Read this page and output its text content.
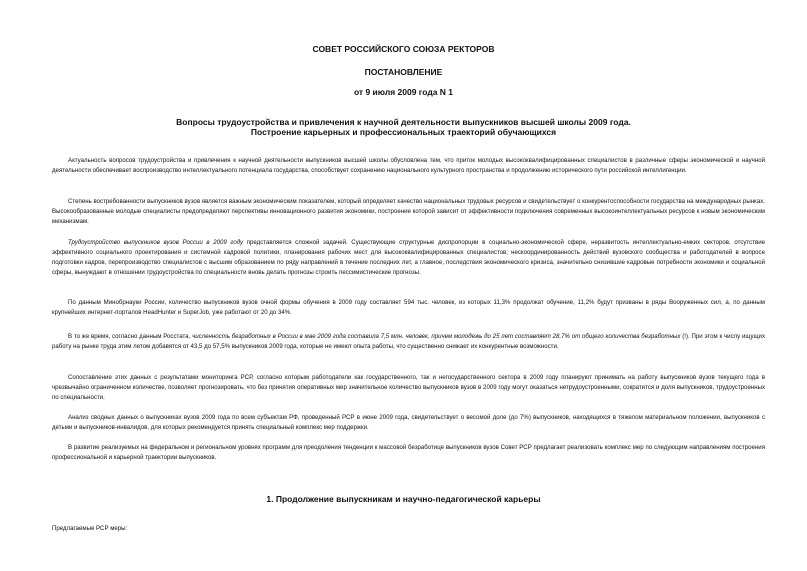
СОВЕТ РОССИЙСКОГО СОЮЗА РЕКТОРОВ
ПОСТАНОВЛЕНИЕ
от 9 июля 2009 года N 1
Вопросы трудоустройства и привлечения к научной деятельности выпускников высшей школы 2009 года.
Построение карьерных и профессиональных траекторий обучающихся
Актуальность вопросов трудоустройства и привлечения к научной деятельности выпускников высшей школы обусловлена тем, что приток молодых высококвалифицированных специалистов в различные сферы экономической и научной деятельности обеспечивает воспроизводство интеллектуального потенциала государства, способствует сохранению национального культурного пространства и продолжению исторического пути российской интеллигенции.
Степень востребованности выпускников вузов является важным экономическим показателем, который определяет качество национальных трудовых ресурсов и свидетельствует о конкурентоспособности государства на международных рынках. Высокообразованные молодые специалисты предопределяют перспективы инновационного развития экономики, построение которой зависит от эффективности подключения современных высокоинтеллектуальных ресурсов к новым экономическим механизмам.
Трудоустройство выпускников вузов России в 2009 году представляется сложной задачей. Существующие структурные диспропорции в социально-экономической сфере, неразвитость интеллектуально-емких секторов, отсутствие эффективного социального проектирования и системной кадровой политики, планирования рабочих мест для высококвалифицированных специалистов; нескоординированность действий вузовского сообщества и работодателей в вопросе подготовки кадров, перепроизводство специалистов с высшим образованием по ряду направлений в течение последних лет, а главное, последствия экономического кризиса, значительно снизившие кадровые потребности экономики и социальной сферы, вынуждают в отношении трудоустройства по специальности вновь делать прогнозы строить пессимистические прогнозы.
По данным Минобрнауки России, количество выпускников вузов очной формы обучения в 2009 году составляет 594 тыс. человек, из которых 11,3% продолжат обучение, 11,2% будут призваны в ряды Вооруженных сил, а, по данным крупнейших интернет-порталов HeadHunter и SuperJob, уже работают от 20 до 34%.
В то же время, согласно данным Росстата, численность безработных в России в мае 2009 года составила 7,5 млн. человек, причем молодежь до 25 лет составляет 28,7% от общего количества безработных (!). При этом к числу ищущих работу на рынке труда этим летом добавятся от 43,5 до 57,5% выпускников 2009 года, которые не имеют опыта работы, что существенно снижает их конкурентные возможности.
Сопоставление этих данных с результатами мониторинга РСР, согласно которым работодатели как государственного, так и негосударственного сектора в 2009 году планируют принимать на работу выпускников вузов текущего года в чрезвычайно ограниченном количестве, позволяет прогнозировать, что без принятия оперативных мер значительное количество выпускников вузов в 2009 году могут оказаться нетрудоустроенными, сократится и доля выпускников, трудоустроенных по специальности.
Анализ сводных данных о выпускниках вузов 2009 года по всем субъектам РФ, проведенный РСР в июне 2009 года, свидетельствует о весомой доле (до 7%) выпускников, находящихся в тяжелом материальном положении, выпускников с детьми и выпускников-инвалидов, для которых рекомендуется принять специальный комплекс мер поддержки.
В развитие реализуемых на федеральном и региональном уровнях программ для преодоления тенденции к массовой безработице выпускников вузов Совет РСР предлагает реализовать комплекс мер по следующим направлениям построения профессиональной и карьерной траектории выпускников.
1. Продолжение выпускникам и научно-педагогической карьеры
Предлагаемые РСР меры:
